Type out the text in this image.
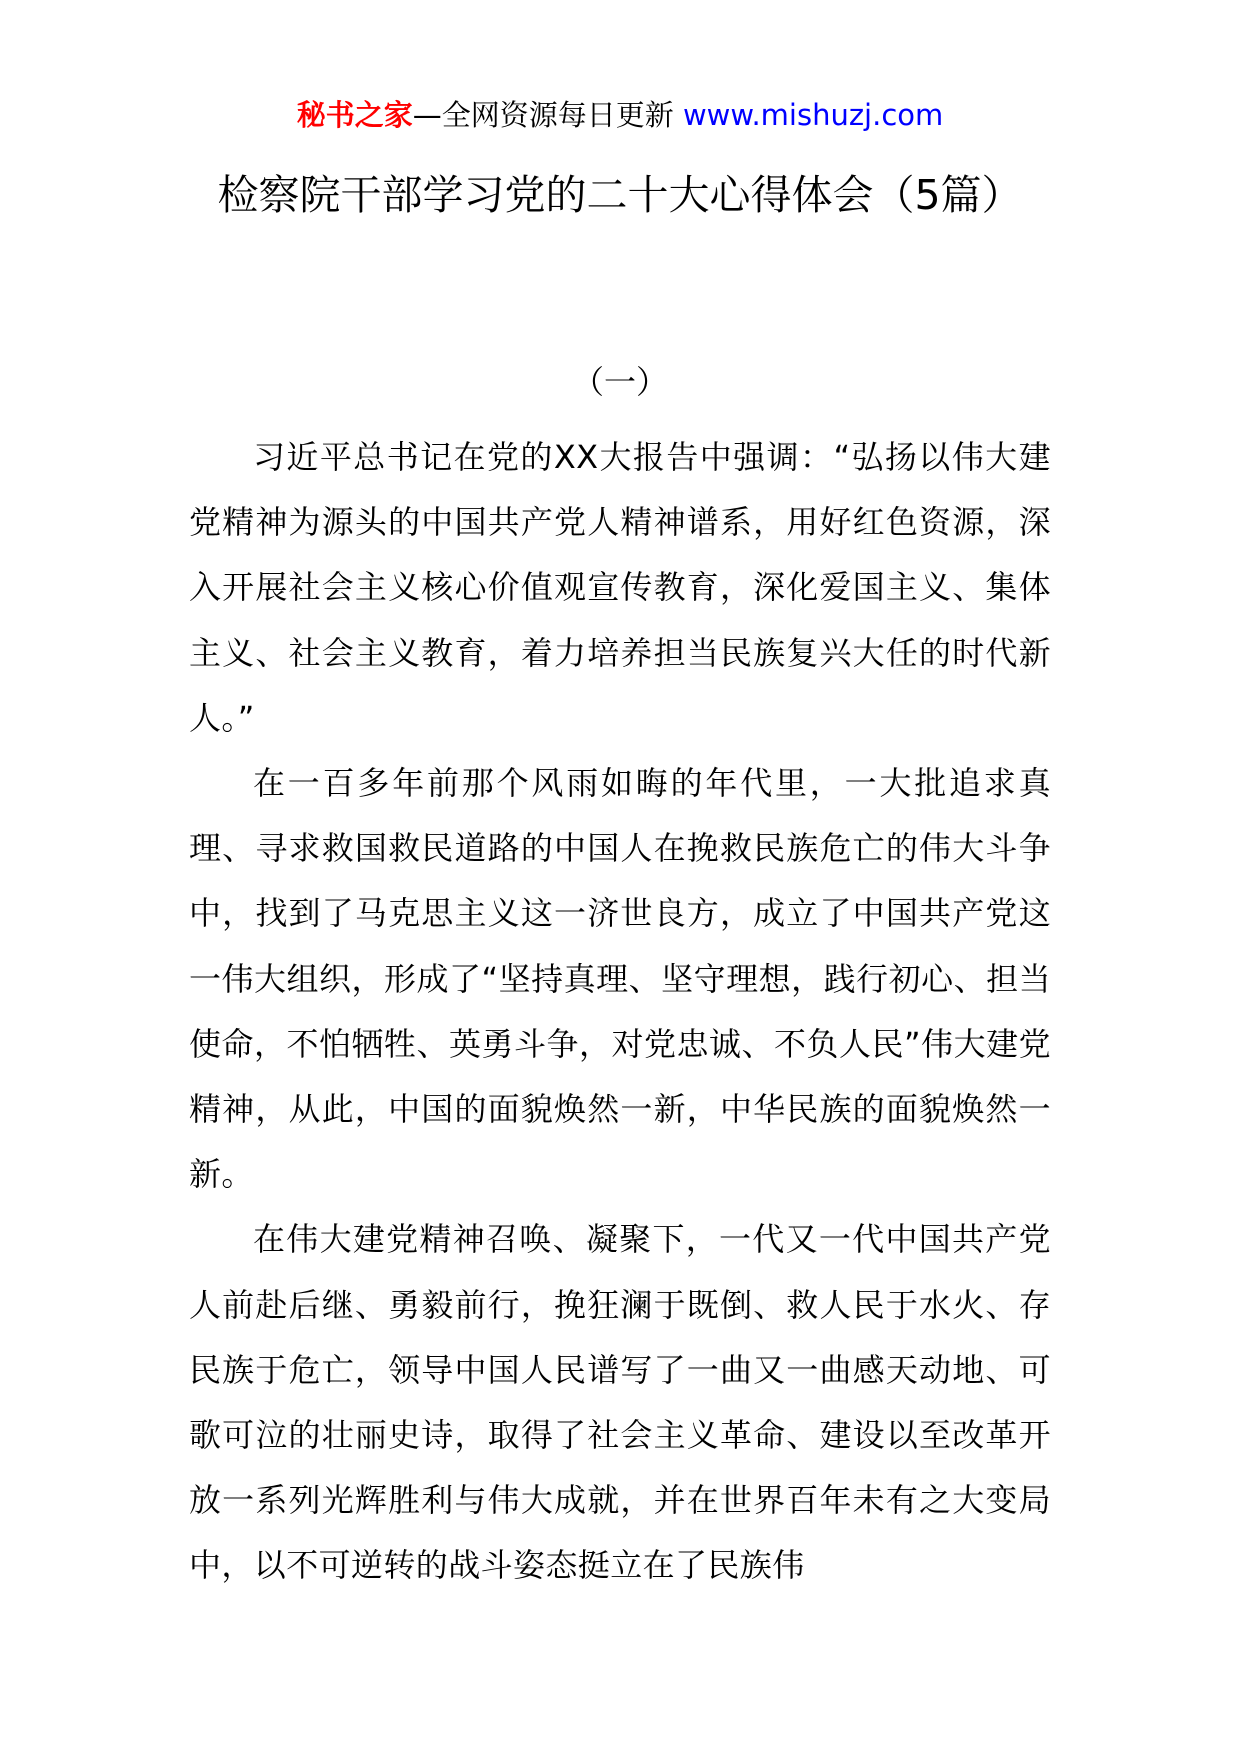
秘书之家—全网资源每日更新 www.mishuzj.com
检察院干部学习党的二十大心得体会（5篇）
（一）

习近平总书记在党的XX大报告中强调：“弘扬以伟大建党精神为源头的中国共产党人精神谱系，用好红色资源，深入开展社会主义核心价值观宣传教育，深化爱国主义、集体主义、社会主义教育，着力培养担当民族复兴大任的时代新人。”

在一百多年前那个风雨如晦的年代里，一大批追求真理、寻求救国救民道路的中国人在挽救民族危亡的伟大斗争中，找到了马克思主义这一济世良方，成立了中国共产党这一伟大组织，形成了“坚持真理、坚守理想，践行初心、担当使命，不怕牺牲、英勇斗争，对党忠诚、不负人民”伟大建党精神，从此，中国的面貌焕然一新，中华民族的面貌焕然一新。

在伟大建党精神召唤、凝聚下，一代又一代中国共产党人前赴后继、勇毅前行，挽狂澜于既倒、救人民于水火、存民族于危亡，领导中国人民谱写了一曲又一曲感天动地、可歌可泣的壮丽史诗，取得了社会主义革命、建设以至改革开放一系列光辉胜利与伟大成就，并在世界百年未有之大变局中，以不可逆转的战斗姿态挺立在了民族伟
